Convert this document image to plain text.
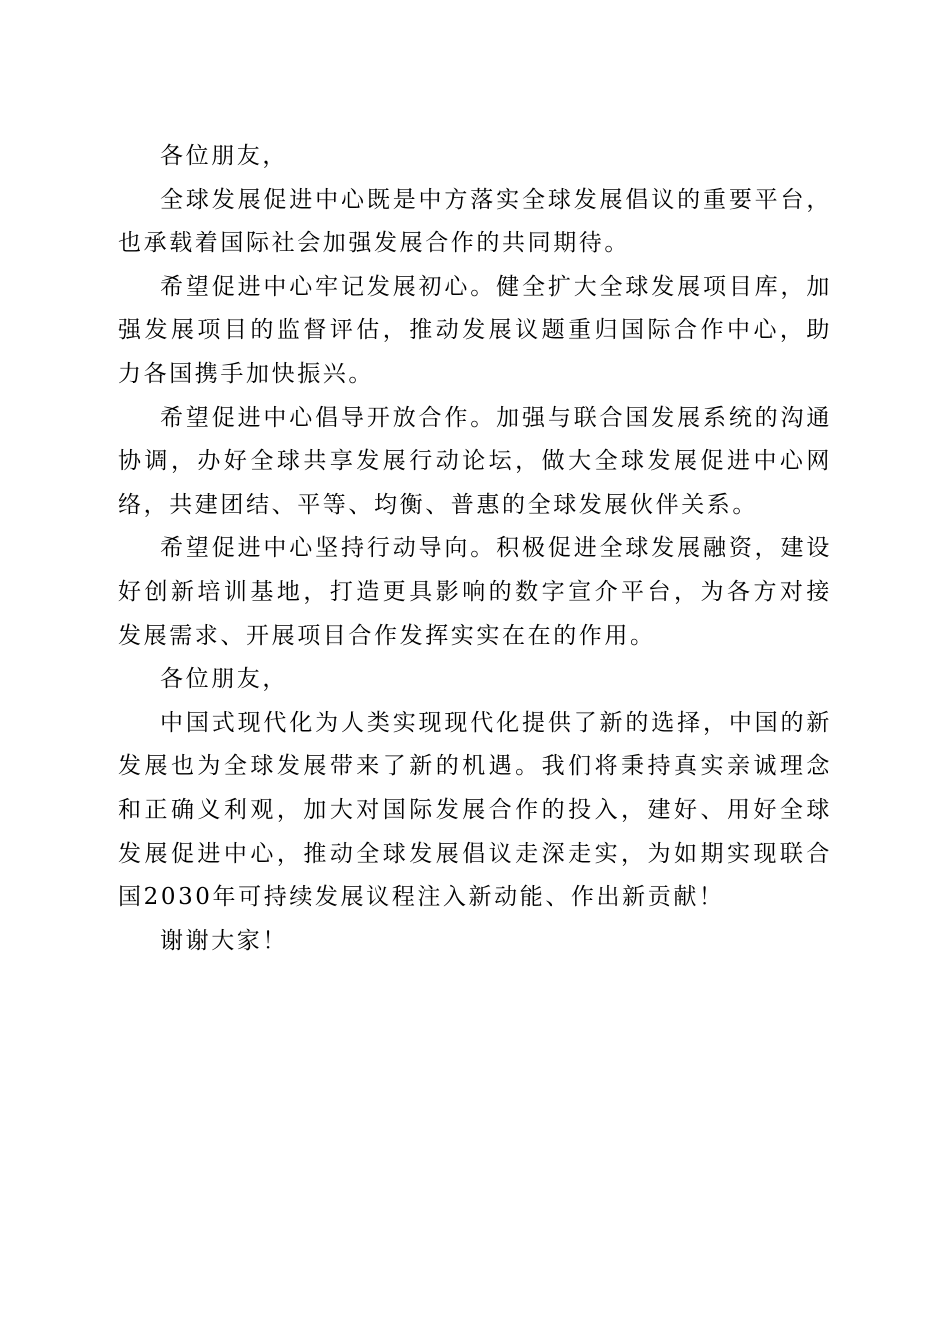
各位朋友，

全球发展促进中心既是中方落实全球发展倡议的重要平台，也承载着国际社会加强发展合作的共同期待。

希望促进中心牢记发展初心。健全扩大全球发展项目库，加强发展项目的监督评估，推动发展议题重归国际合作中心，助力各国携手加快振兴。

希望促进中心倡导开放合作。加强与联合国发展系统的沟通协调，办好全球共享发展行动论坛，做大全球发展促进中心网络，共建团结、平等、均衡、普惠的全球发展伙伴关系。

希望促进中心坚持行动导向。积极促进全球发展融资，建设好创新培训基地，打造更具影响的数字宣介平台，为各方对接发展需求、开展项目合作发挥实实在在的作用。

各位朋友，

中国式现代化为人类实现现代化提供了新的选择，中国的新发展也为全球发展带来了新的机遇。我们将秉持真实亲诚理念和正确义利观，加大对国际发展合作的投入，建好、用好全球发展促进中心，推动全球发展倡议走深走实，为如期实现联合国2030年可持续发展议程注入新动能、作出新贡献！

谢谢大家！
